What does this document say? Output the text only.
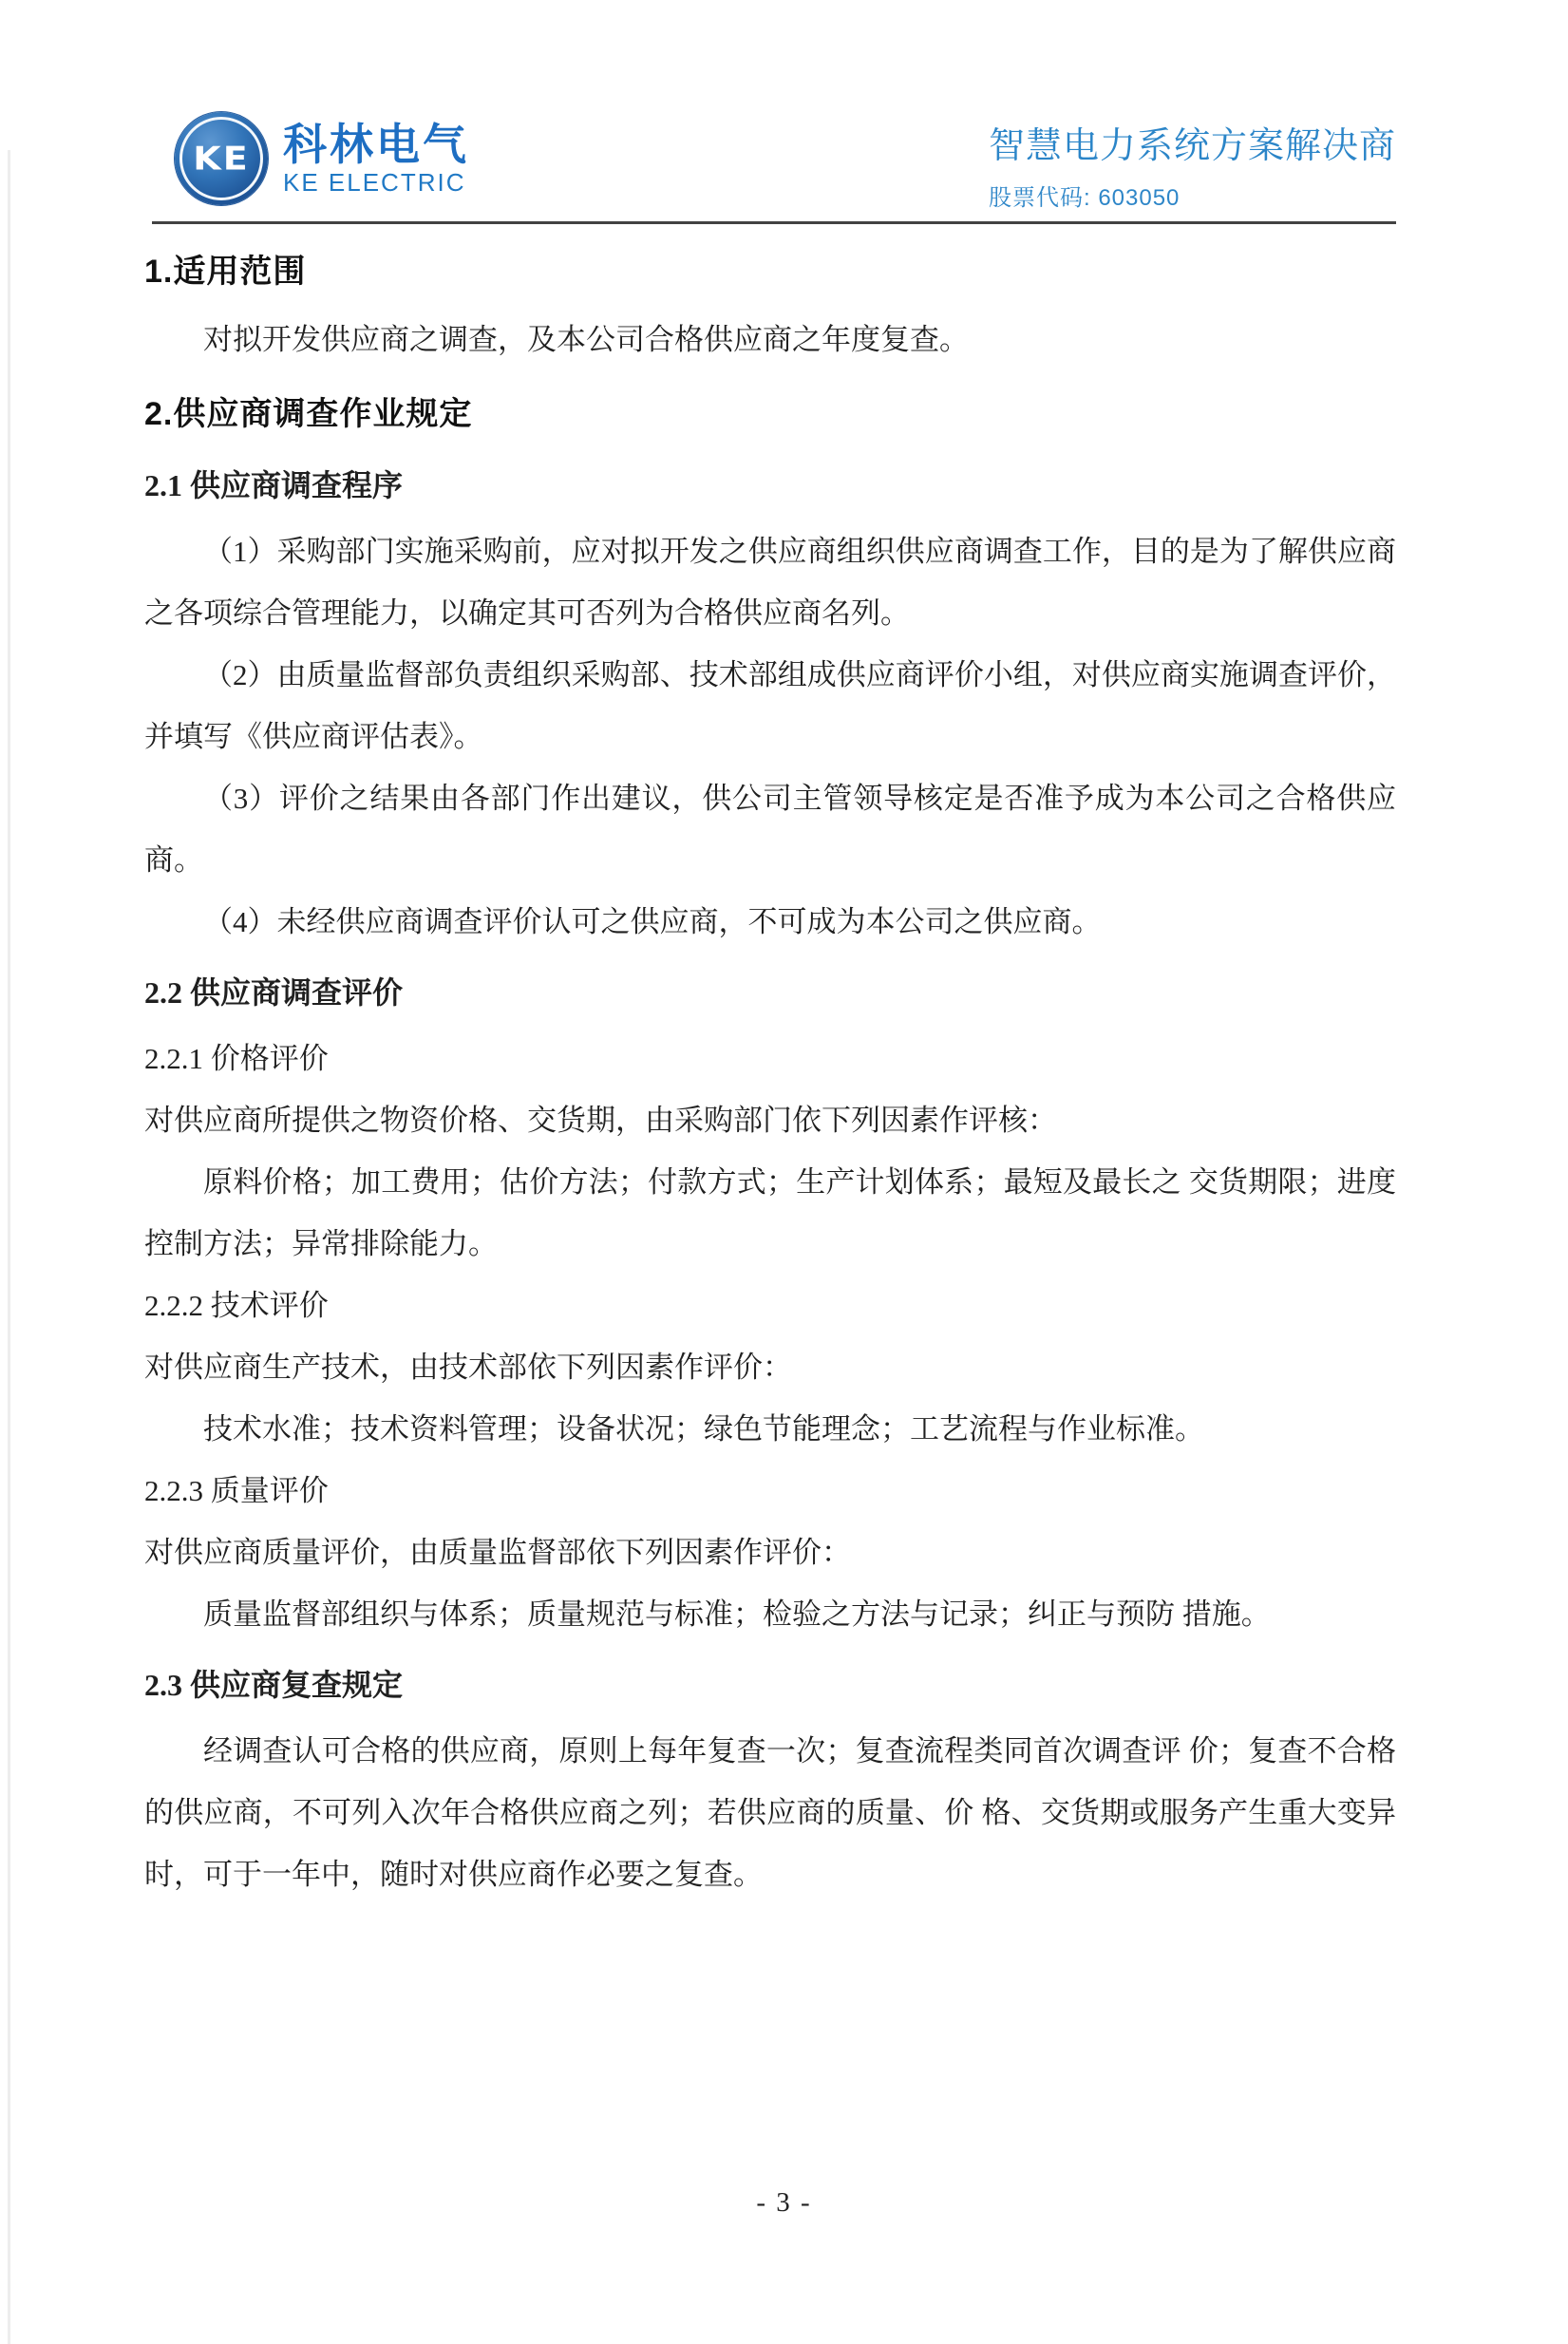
KE 科林电气
KE ELECTRIC
智慧电力系统方案解决商
股票代码: 603050
1.适用范围
对拟开发供应商之调查，及本公司合格供应商之年度复查。
2.供应商调查作业规定
2.1 供应商调查程序
（1）采购部门实施采购前，应对拟开发之供应商组织供应商调查工作，目的是为了解供应商之各项综合管理能力，以确定其可否列为合格供应商名列。
（2）由质量监督部负责组织采购部、技术部组成供应商评价小组，对供应商实施调查评价，并填写《供应商评估表》。
（3）评价之结果由各部门作出建议，供公司主管领导核定是否准予成为本公司之合格供应商。
（4）未经供应商调查评价认可之供应商，不可成为本公司之供应商。
2.2 供应商调查评价
2.2.1 价格评价
对供应商所提供之物资价格、交货期，由采购部门依下列因素作评核：
原料价格；加工费用；估价方法；付款方式；生产计划体系；最短及最长之 交货期限；进度控制方法；异常排除能力。
2.2.2 技术评价
对供应商生产技术，由技术部依下列因素作评价：
技术水准；技术资料管理；设备状况；绿色节能理念；工艺流程与作业标准。
2.2.3 质量评价
对供应商质量评价，由质量监督部依下列因素作评价：
质量监督部组织与体系；质量规范与标准；检验之方法与记录；纠正与预防 措施。
2.3 供应商复查规定
经调查认可合格的供应商，原则上每年复查一次；复查流程类同首次调查评 价；复查不合格的供应商，不可列入次年合格供应商之列；若供应商的质量、价 格、交货期或服务产生重大变异时，可于一年中，随时对供应商作必要之复查。
- 3 -
